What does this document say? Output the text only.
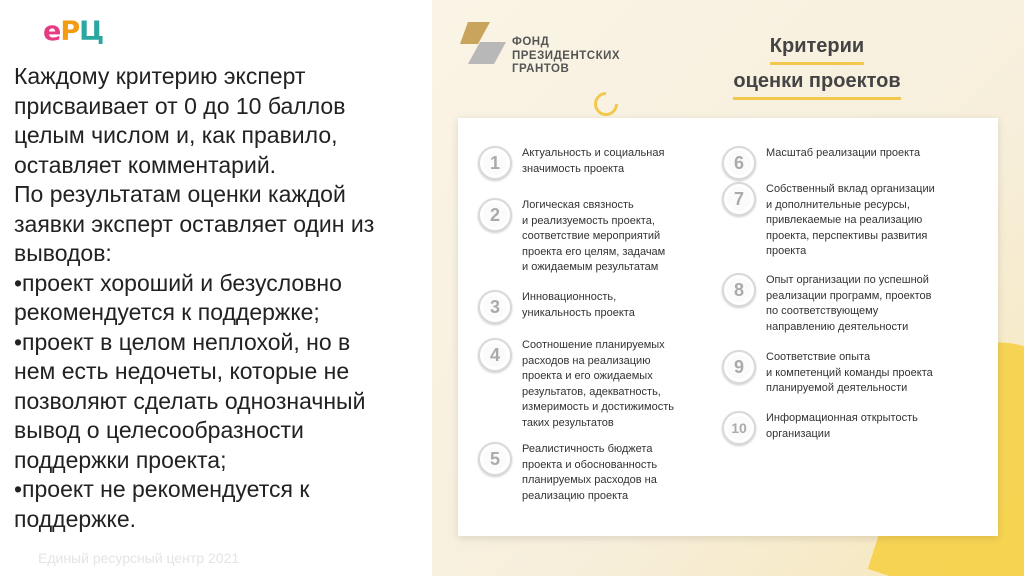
ePЦ
Каждому критерию эксперт
присваивает от 0 до 10 баллов
целым числом и, как правило,
оставляет комментарий.
По результатам оценки каждой
заявки эксперт оставляет один из
выводов:
•проект хороший и безусловно
рекомендуется к поддержке;
•проект в целом неплохой, но в
нем есть недочеты, которые не
позволяют сделать однозначный
вывод о целесообразности
поддержки проекта;
•проект не рекомендуется к
поддержке.
Единый ресурсный центр 2021
ФОНД
ПРЕЗИДЕНТСКИХ
ГРАНТОВ
Критерии
оценки проектов
1	Актуальность и социальная
значимость проекта
2	Логическая связность
и реализуемость проекта,
соответствие мероприятий
проекта его целям, задачам
и ожидаемым результатам
3	Инновационность,
уникальность проекта
4	Соотношение планируемых
расходов на реализацию
проекта и его ожидаемых
результатов, адекватность,
измеримость и достижимость
таких результатов
5	Реалистичность бюджета
проекта и обоснованность
планируемых расходов на
реализацию проекта
6	Масштаб реализации проекта
7	Собственный вклад организации
и дополнительные ресурсы,
привлекаемые на реализацию
проекта, перспективы развития
проекта
8	Опыт организации по успешной
реализации программ, проектов
по соответствующему
направлению деятельности
9	Соответствие опыта
и компетенций команды проекта
планируемой деятельности
10
Информационная открытость
организации
